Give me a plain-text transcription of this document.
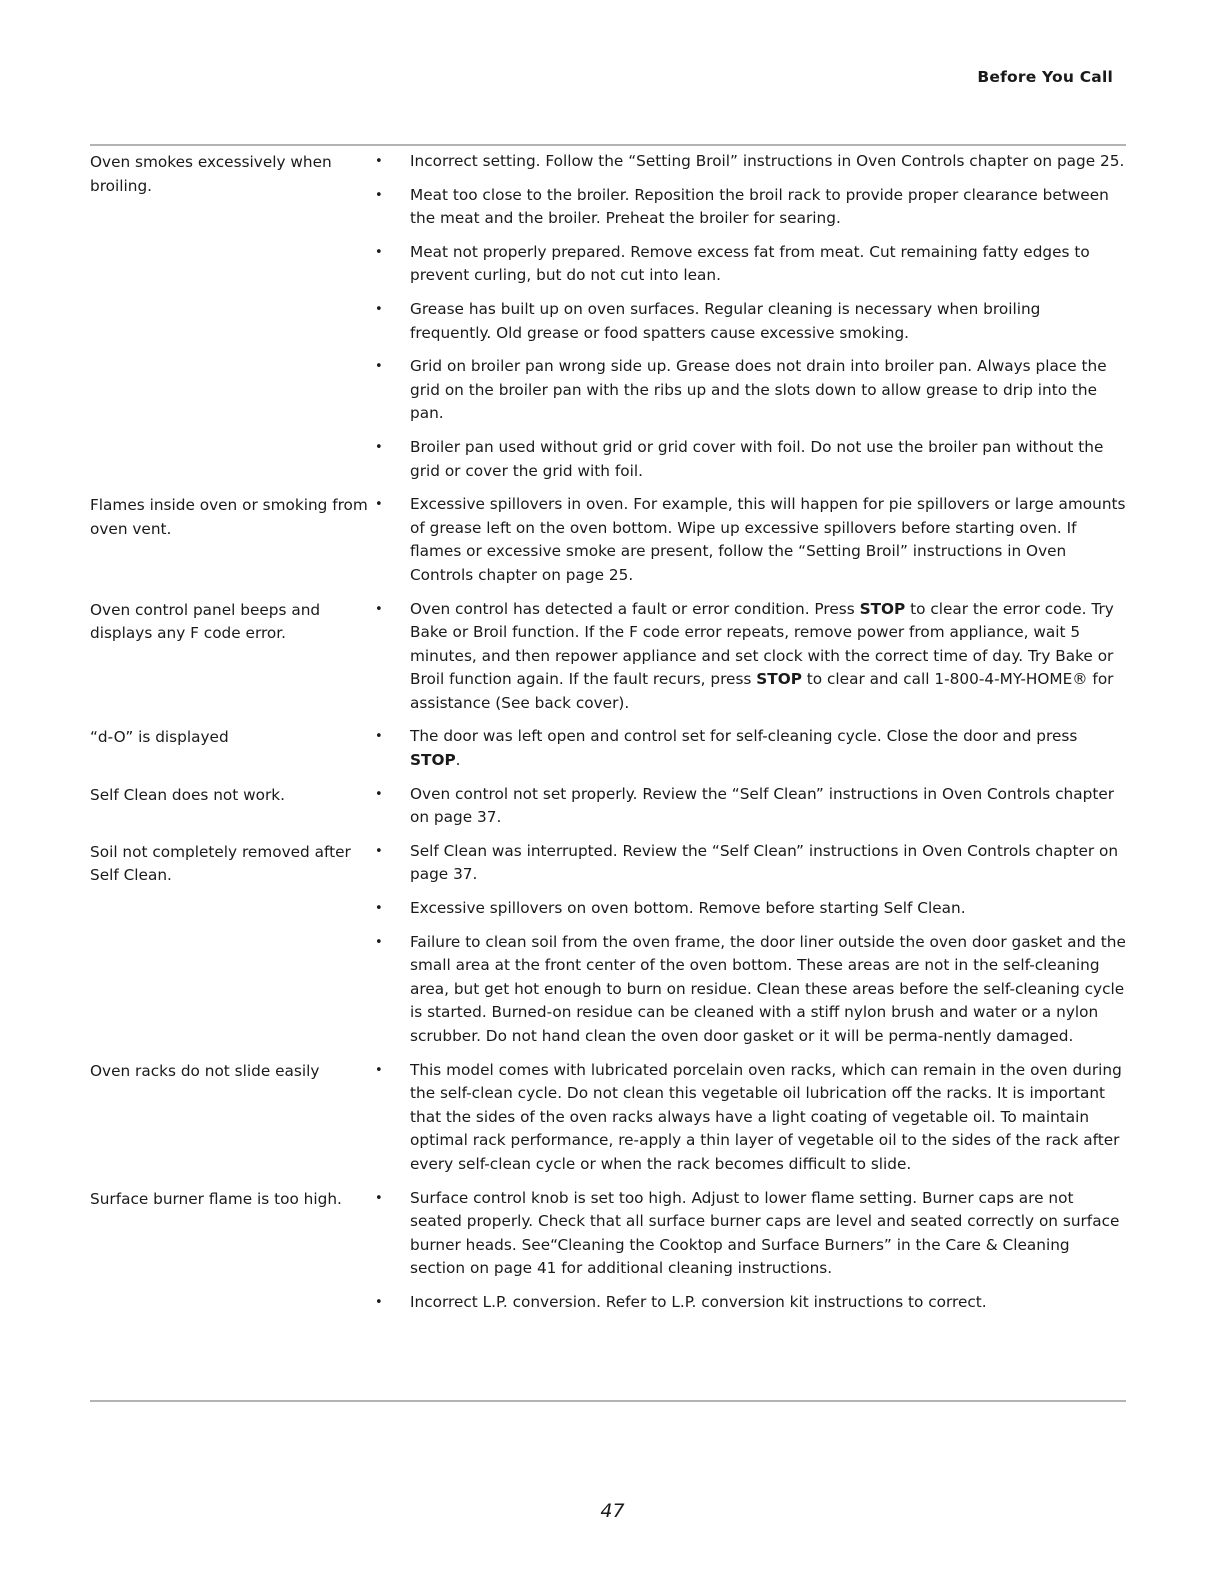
Before You Call
Oven smokes excessively when broiling.
• Incorrect setting. Follow the “Setting Broil” instructions in Oven Controls chapter on page 25.
• Meat too close to the broiler. Reposition the broil rack to provide proper clearance between the meat and the broiler. Preheat the broiler for searing.
• Meat not properly prepared. Remove excess fat from meat. Cut remaining fatty edges to prevent curling, but do not cut into lean.
• Grease has built up on oven surfaces. Regular cleaning is necessary when broiling frequently. Old grease or food spatters cause excessive smoking.
• Grid on broiler pan wrong side up. Grease does not drain into broiler pan. Always place the grid on the broiler pan with the ribs up and the slots down to allow grease to drip into the pan.
• Broiler pan used without grid or grid cover with foil. Do not use the broiler pan without the grid or cover the grid with foil.
Flames inside oven or smoking from oven vent.
• Excessive spillovers in oven. For example, this will happen for pie spillovers or large amounts of grease left on the oven bottom. Wipe up excessive spillovers before starting oven. If flames or excessive smoke are present, follow the “Setting Broil” instructions in Oven Controls chapter on page 25.
Oven control panel beeps and displays any F code error.
• Oven control has detected a fault or error condition. Press STOP to clear the error code. Try Bake or Broil function. If the F code error repeats, remove power from appliance, wait 5 minutes, and then repower appliance and set clock with the correct time of day. Try Bake or Broil function again. If the fault recurs, press STOP to clear and call 1-800-4-MY-HOME® for assistance (See back cover).
“d-O” is displayed	• The door was left open and control set for self-cleaning cycle. Close the door and press STOP.
Self Clean does not work.	• Oven control not set properly. Review the “Self Clean” instructions in Oven Controls chapter on page 37.
Soil not completely removed after Self Clean.
• Self Clean was interrupted. Review the “Self Clean” instructions in Oven Controls chapter on page 37.
• Excessive spillovers on oven bottom. Remove before starting Self Clean.
• Failure to clean soil from the oven frame, the door liner outside the oven door gasket and the small area at the front center of the oven bottom. These areas are not in the self-cleaning area, but get hot enough to burn on residue. Clean these areas before the self-cleaning cycle is started. Burned-on residue can be cleaned with a stiff nylon brush and water or a nylon scrubber. Do not hand clean the oven door gasket or it will be perma-nently damaged.
Oven racks do not slide easily	• This model comes with lubricated porcelain oven racks, which can remain in the oven during the self-clean cycle. Do not clean this vegetable oil lubrication off the racks. It is important that the sides of the oven racks always have a light coating of vegetable oil. To maintain optimal rack performance, re-apply a thin layer of vegetable oil to the sides of the rack after every self-clean cycle or when the rack becomes difficult to slide.
Surface burner flame is too high.	• Surface control knob is set too high. Adjust to lower flame setting. Burner caps are not seated properly. Check that all surface burner caps are level and seated correctly on surface burner heads. See“Cleaning the Cooktop and Surface Burners” in the Care & Cleaning section on page 41 for additional cleaning instructions.
• Incorrect L.P. conversion. Refer to L.P. conversion kit instructions to correct.
47
